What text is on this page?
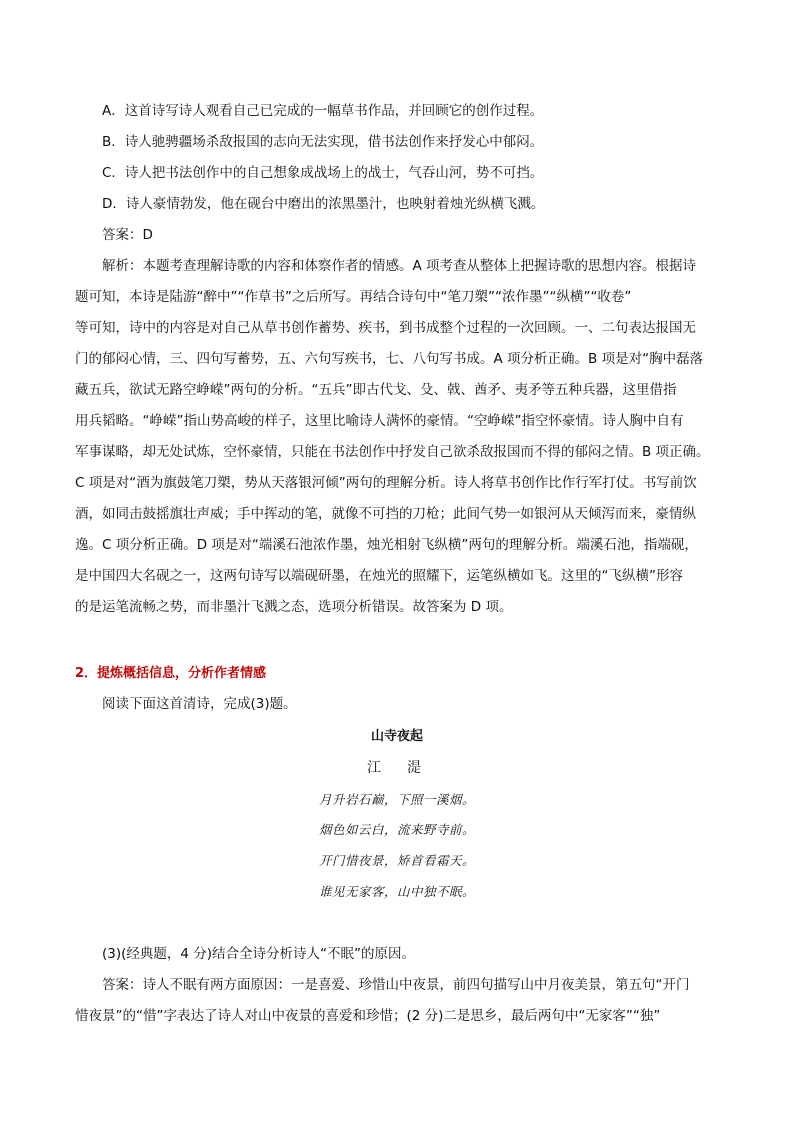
A．这首诗写诗人观看自己已完成的一幅草书作品，并回顾它的创作过程。
B．诗人驰骋疆场杀敌报国的志向无法实现，借书法创作来抒发心中郁闷。
C．诗人把书法创作中的自己想象成战场上的战士，气吞山河，势不可挡。
D．诗人豪情勃发，他在砚台中磨出的浓黑墨汁，也映射着烛光纵横飞溅。
答案：D
解析：本题考查理解诗歌的内容和体察作者的情感。A 项考查从整体上把握诗歌的思想内容。根据诗
题可知，本诗是陆游“醉中”“作草书”之后所写。再结合诗句中“笔刀槊”“浓作墨”“纵横”“收卷”
等可知，诗中的内容是对自己从草书创作蓄势、疾书，到书成整个过程的一次回顾。一、二句表达报国无
门的郁闷心情，三、四句写蓄势，五、六句写疾书，七、八句写书成。A 项分析正确。B 项是对“胸中磊落
藏五兵，欲试无路空峥嵘”两句的分析。“五兵”即古代戈、殳、戟、酋矛、夷矛等五种兵器，这里借指
用兵韬略。“峥嵘”指山势高峻的样子，这里比喻诗人满怀的豪情。“空峥嵘”指空怀豪情。诗人胸中自有
军事谋略，却无处试炼，空怀豪情，只能在书法创作中抒发自己欲杀敌报国而不得的郁闷之情。B 项正确。
C 项是对“酒为旗鼓笔刀槊，势从天落银河倾”两句的理解分析。诗人将草书创作比作行军打仗。书写前饮
酒，如同击鼓摇旗壮声威；手中挥动的笔，就像不可挡的刀枪；此间气势一如银河从天倾泻而来，豪情纵
逸。C 项分析正确。D 项是对“端溪石池浓作墨，烛光相射飞纵横”两句的理解分析。端溪石池，指端砚，
是中国四大名砚之一，这两句诗写以端砚研墨，在烛光的照耀下，运笔纵横如飞。这里的“飞纵横”形容
的是运笔流畅之势，而非墨汁飞溅之态，选项分析错误。故答案为 D 项。
2．提炼概括信息，分析作者情感
阅读下面这首清诗，完成(3)题。
山寺夜起
江　湜
月升岩石巅，下照一溪烟。
烟色如云白，流来野寺前。
开门惜夜景，矫首看霜天。
谁见无家客，山中独不眠。
(3)(经典题，4 分)结合全诗分析诗人“不眠”的原因。
答案：诗人不眠有两方面原因：一是喜爱、珍惜山中夜景，前四句描写山中月夜美景，第五句“开门
惜夜景”的“惜”字表达了诗人对山中夜景的喜爱和珍惜；(2 分)二是思乡，最后两句中“无家客”“独”
